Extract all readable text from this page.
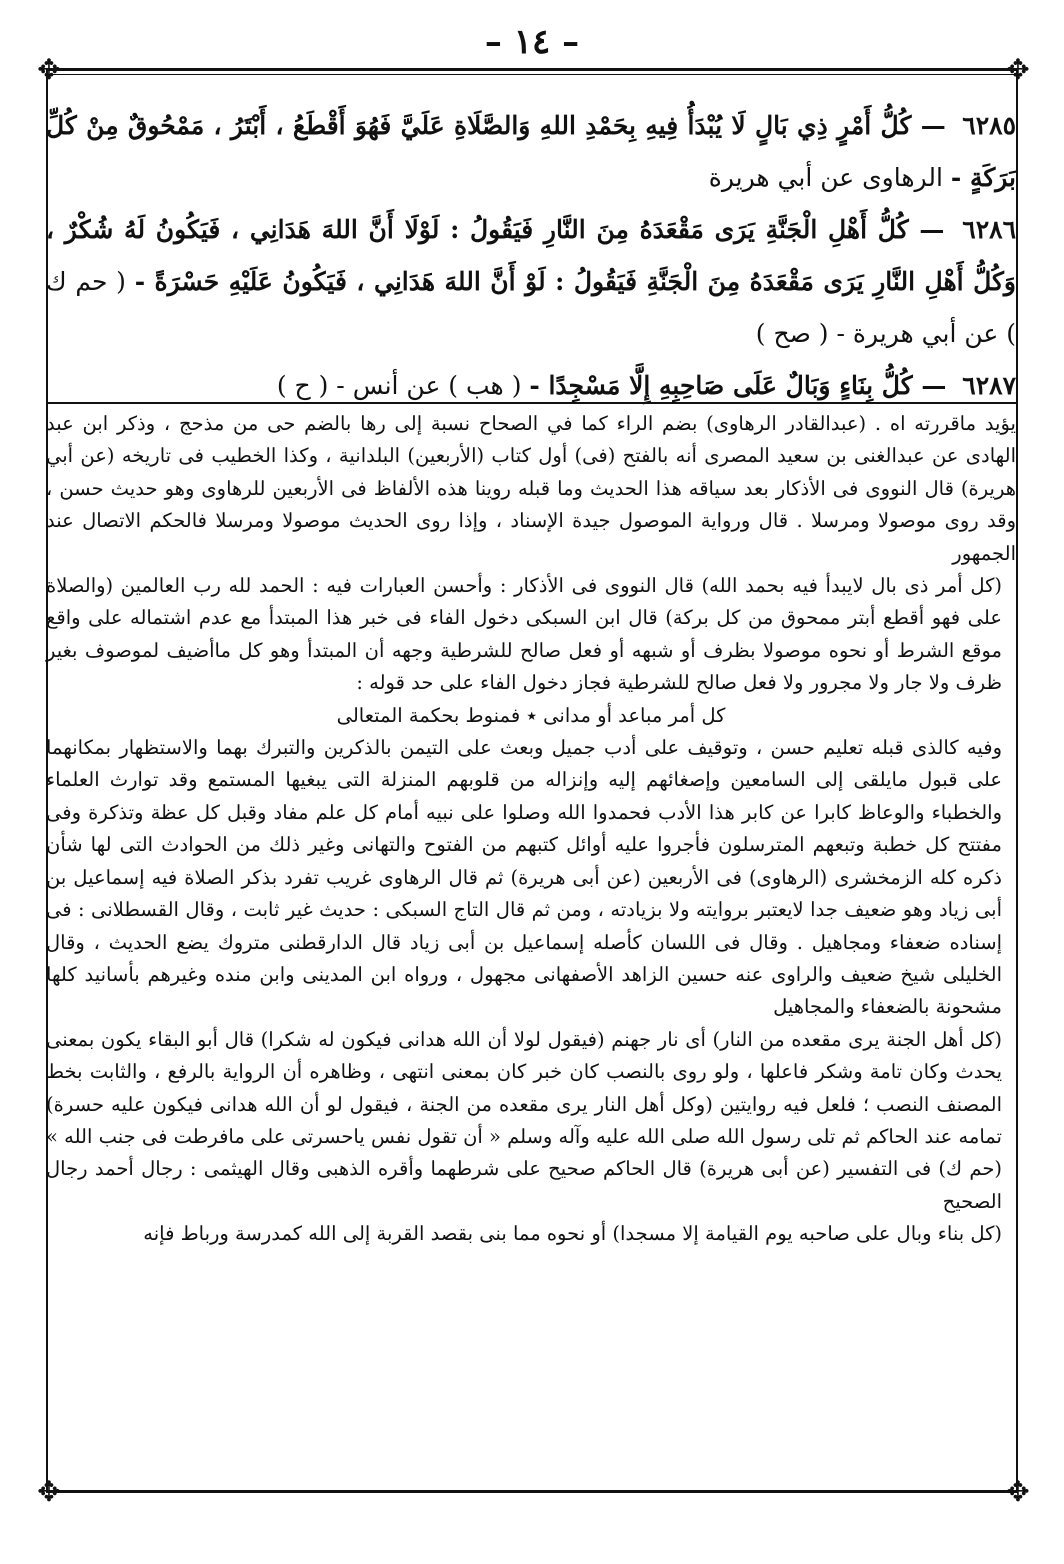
– ١٤ –
✥	✥
✥	✥

٦٢٨٥ — كُلُّ أَمْرٍ ذِي بَالٍ لَا يُبْدَأُ فِيهِ بِحَمْدِ اللهِ وَالصَّلَاةِ عَلَيَّ فَهُوَ أَقْطَعُ ، أَبْتَرُ ، مَمْحُوقٌ مِنْ كُلِّ بَرَكَةٍ - الرهاوى عن أبي هريرة

٦٢٨٦ — كُلُّ أَهْلِ الْجَنَّةِ يَرَى مَقْعَدَهُ مِنَ النَّارِ فَيَقُولُ : لَوْلَا أَنَّ اللهَ هَدَانِي ، فَيَكُونُ لَهُ شُكْرٌ ، وَكُلُّ أَهْلِ النَّارِ يَرَى مَقْعَدَهُ مِنَ الْجَنَّةِ فَيَقُولُ : لَوْ أَنَّ اللهَ هَدَانِي ، فَيَكُونُ عَلَيْهِ حَسْرَةً - ( حم ك ) عن أبي هريرة - ( صح )

٦٢٨٧ — كُلُّ بِنَاءٍ وَبَالٌ عَلَى صَاحِبِهِ إِلَّا مَسْجِدًا - ( هب ) عن أنس - ( ح )

يؤيد ماقررته اه . (عبدالقادر الرهاوى) بضم الراء كما في الصحاح نسبة إلى رها بالضم حى من مذحج ، وذكر ابن عبد الهادى عن عبدالغنى بن سعيد المصرى أنه بالفتح (فى) أول كتاب (الأربعين) البلدانية ، وكذا الخطيب فى تاريخه (عن أبي هريرة) قال النووى فى الأذكار بعد سياقه هذا الحديث وما قبله روينا هذه الألفاظ فى الأربعين للرهاوى وهو حديث حسن ، وقد روى موصولا ومرسلا . قال ورواية الموصول جيدة الإسناد ، وإذا روى الحديث موصولا ومرسلا فالحكم الاتصال عند الجمهور

(كل أمر ذى بال لايبدأ فيه بحمد الله) قال النووى فى الأذكار : وأحسن العبارات فيه : الحمد لله رب العالمين (والصلاة على فهو أقطع أبتر ممحوق من كل بركة) قال ابن السبكى دخول الفاء فى خبر هذا المبتدأ مع عدم اشتماله على واقع موقع الشرط أو نحوه موصولا بظرف أو شبهه أو فعل صالح للشرطية وجهه أن المبتدأ وهو كل ماأضيف لموصوف بغير ظرف ولا جار ولا مجرور ولا فعل صالح للشرطية فجاز دخول الفاء على حد قوله :

كل أمر مباعد أو مدانى ٭ فمنوط بحكمة المتعالى

وفيه كالذى قبله تعليم حسن ، وتوقيف على أدب جميل وبعث على التيمن بالذكرين والتبرك بهما والاستظهار بمكانهما على قبول مايلقى إلى السامعين وإصغائهم إليه وإنزاله من قلوبهم المنزلة التى يبغيها المستمع وقد توارث العلماء والخطباء والوعاظ كابرا عن كابر هذا الأدب فحمدوا الله وصلوا على نبيه أمام كل علم مفاد وقبل كل عظة وتذكرة وفى مفتتح كل خطبة وتبعهم المترسلون فأجروا عليه أوائل كتبهم من الفتوح والتهانى وغير ذلك من الحوادث التى لها شأن ذكره كله الزمخشرى (الرهاوى) فى الأربعين (عن أبى هريرة) ثم قال الرهاوى غريب تفرد بذكر الصلاة فيه إسماعيل بن أبى زياد وهو ضعيف جدا لايعتبر بروايته ولا بزيادته ، ومن ثم قال التاج السبكى : حديث غير ثابت ، وقال القسطلانى : فى إسناده ضعفاء ومجاهيل . وقال فى اللسان كأصله إسماعيل بن أبى زياد قال الدارقطنى متروك يضع الحديث ، وقال الخليلى شيخ ضعيف والراوى عنه حسين الزاهد الأصفهانى مجهول ، ورواه ابن المدينى وابن منده وغيرهم بأسانيد كلها مشحونة بالضعفاء والمجاهيل

(كل أهل الجنة يرى مقعده من النار) أى نار جهنم (فيقول لولا أن الله هدانى فيكون له شكرا) قال أبو البقاء يكون بمعنى يحدث وكان تامة وشكر فاعلها ، ولو روى بالنصب كان خبر كان بمعنى انتهى ، وظاهره أن الرواية بالرفع ، والثابت بخط المصنف النصب ؛ فلعل فيه روايتين (وكل أهل النار يرى مقعده من الجنة ، فيقول لو أن الله هدانى فيكون عليه حسرة) تمامه عند الحاكم ثم تلى رسول الله صلى الله عليه وآله وسلم « أن تقول نفس ياحسرتى على مافرطت فى جنب الله » (حم ك) فى التفسير (عن أبى هريرة) قال الحاكم صحيح على شرطهما وأقره الذهبى وقال الهيثمى : رجال أحمد رجال الصحيح

(كل بناء وبال على صاحبه يوم القيامة إلا مسجدا) أو نحوه مما بنى بقصد القربة إلى الله كمدرسة ورباط فإنه
